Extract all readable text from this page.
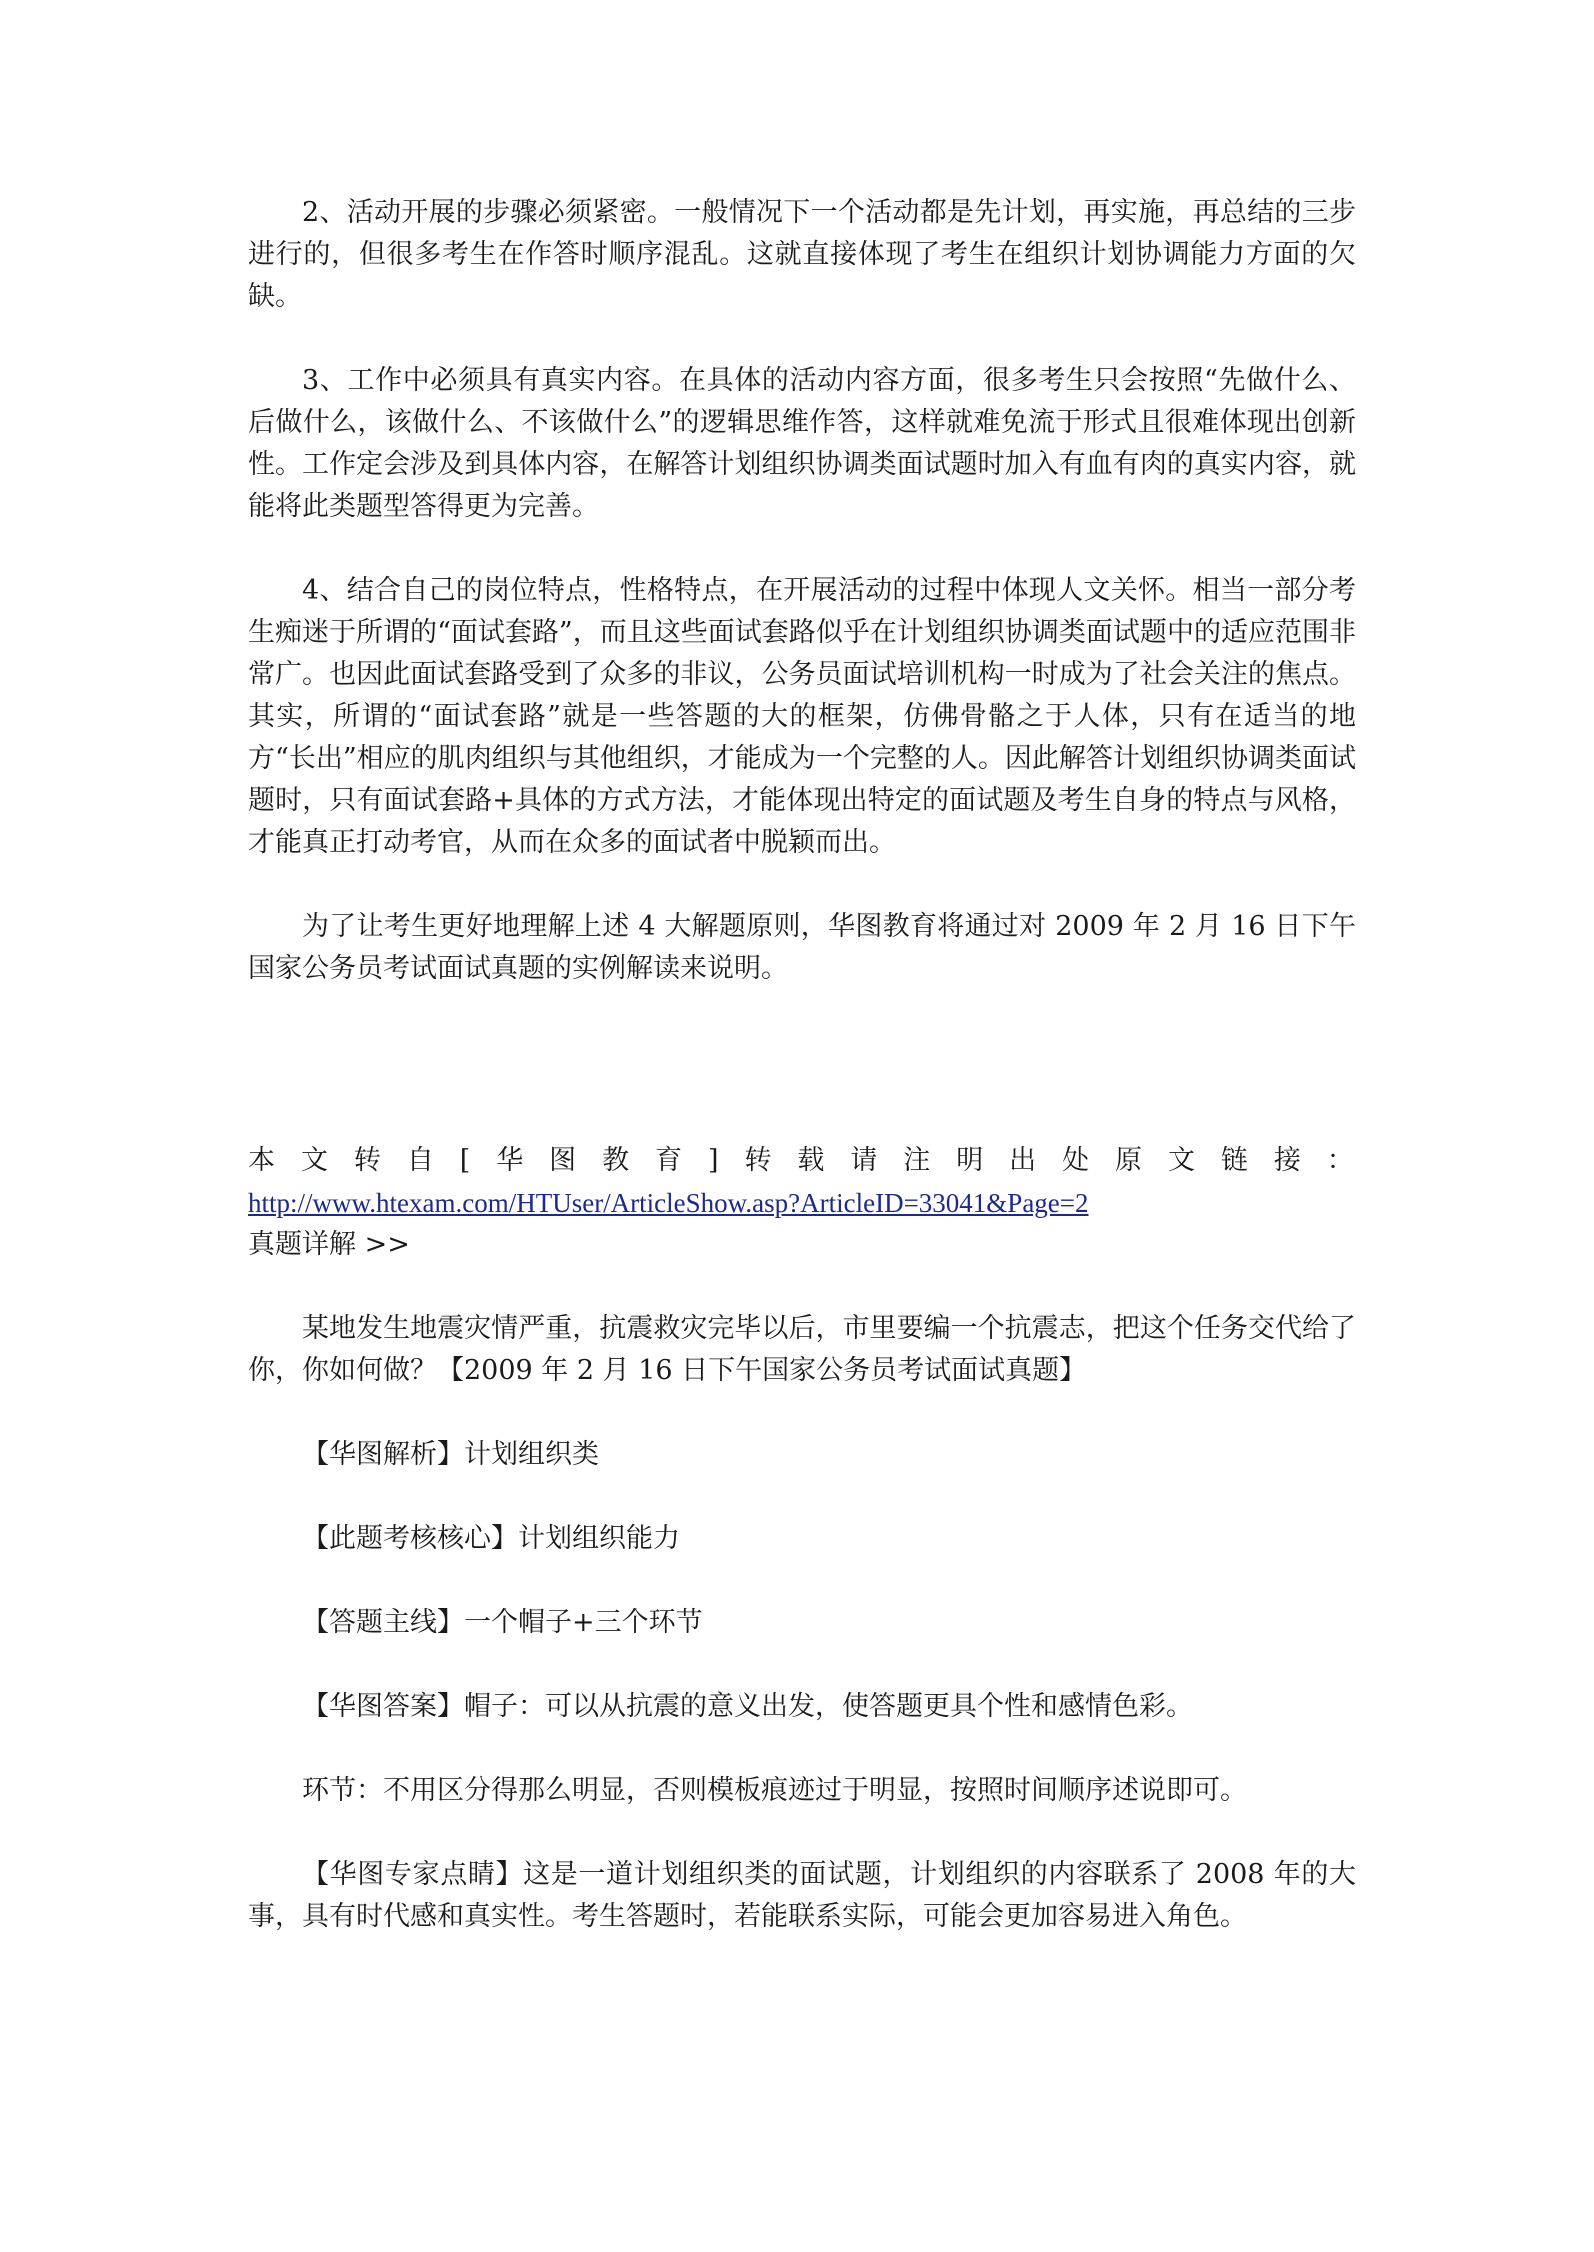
2、活动开展的步骤必须紧密。一般情况下一个活动都是先计划，再实施，再总结的三步进行的，但很多考生在作答时顺序混乱。这就直接体现了考生在组织计划协调能力方面的欠缺。

3、工作中必须具有真实内容。在具体的活动内容方面，很多考生只会按照“先做什么、后做什么，该做什么、不该做什么”的逻辑思维作答，这样就难免流于形式且很难体现出创新性。工作定会涉及到具体内容，在解答计划组织协调类面试题时加入有血有肉的真实内容，就能将此类题型答得更为完善。

4、结合自己的岗位特点，性格特点，在开展活动的过程中体现人文关怀。相当一部分考生痴迷于所谓的“面试套路”，而且这些面试套路似乎在计划组织协调类面试题中的适应范围非常广。也因此面试套路受到了众多的非议，公务员面试培训机构一时成为了社会关注的焦点。其实，所谓的“面试套路”就是一些答题的大的框架，仿佛骨骼之于人体，只有在适当的地方“长出”相应的肌肉组织与其他组织，才能成为一个完整的人。因此解答计划组织协调类面试题时，只有面试套路+具体的方式方法，才能体现出特定的面试题及考生自身的特点与风格，才能真正打动考官，从而在众多的面试者中脱颖而出。

为了让考生更好地理解上述 4 大解题原则，华图教育将通过对 2009 年 2 月 16 日下午国家公务员考试面试真题的实例解读来说明。

本 文 转 自 [ 华 图 教 育 ] 转 载 请 注 明 出 处 原 文 链 接 ：

http://www.htexam.com/HTUser/ArticleShow.asp?ArticleID=33041&Page=2

真题详解 >>

某地发生地震灾情严重，抗震救灾完毕以后，市里要编一个抗震志，把这个任务交代给了你，你如何做？【2009 年 2 月 16 日下午国家公务员考试面试真题】

【华图解析】计划组织类

【此题考核核心】计划组织能力

【答题主线】一个帽子+三个环节

【华图答案】帽子：可以从抗震的意义出发，使答题更具个性和感情色彩。

环节：不用区分得那么明显，否则模板痕迹过于明显，按照时间顺序述说即可。

【华图专家点睛】这是一道计划组织类的面试题，计划组织的内容联系了 2008 年的大事，具有时代感和真实性。考生答题时，若能联系实际，可能会更加容易进入角色。
